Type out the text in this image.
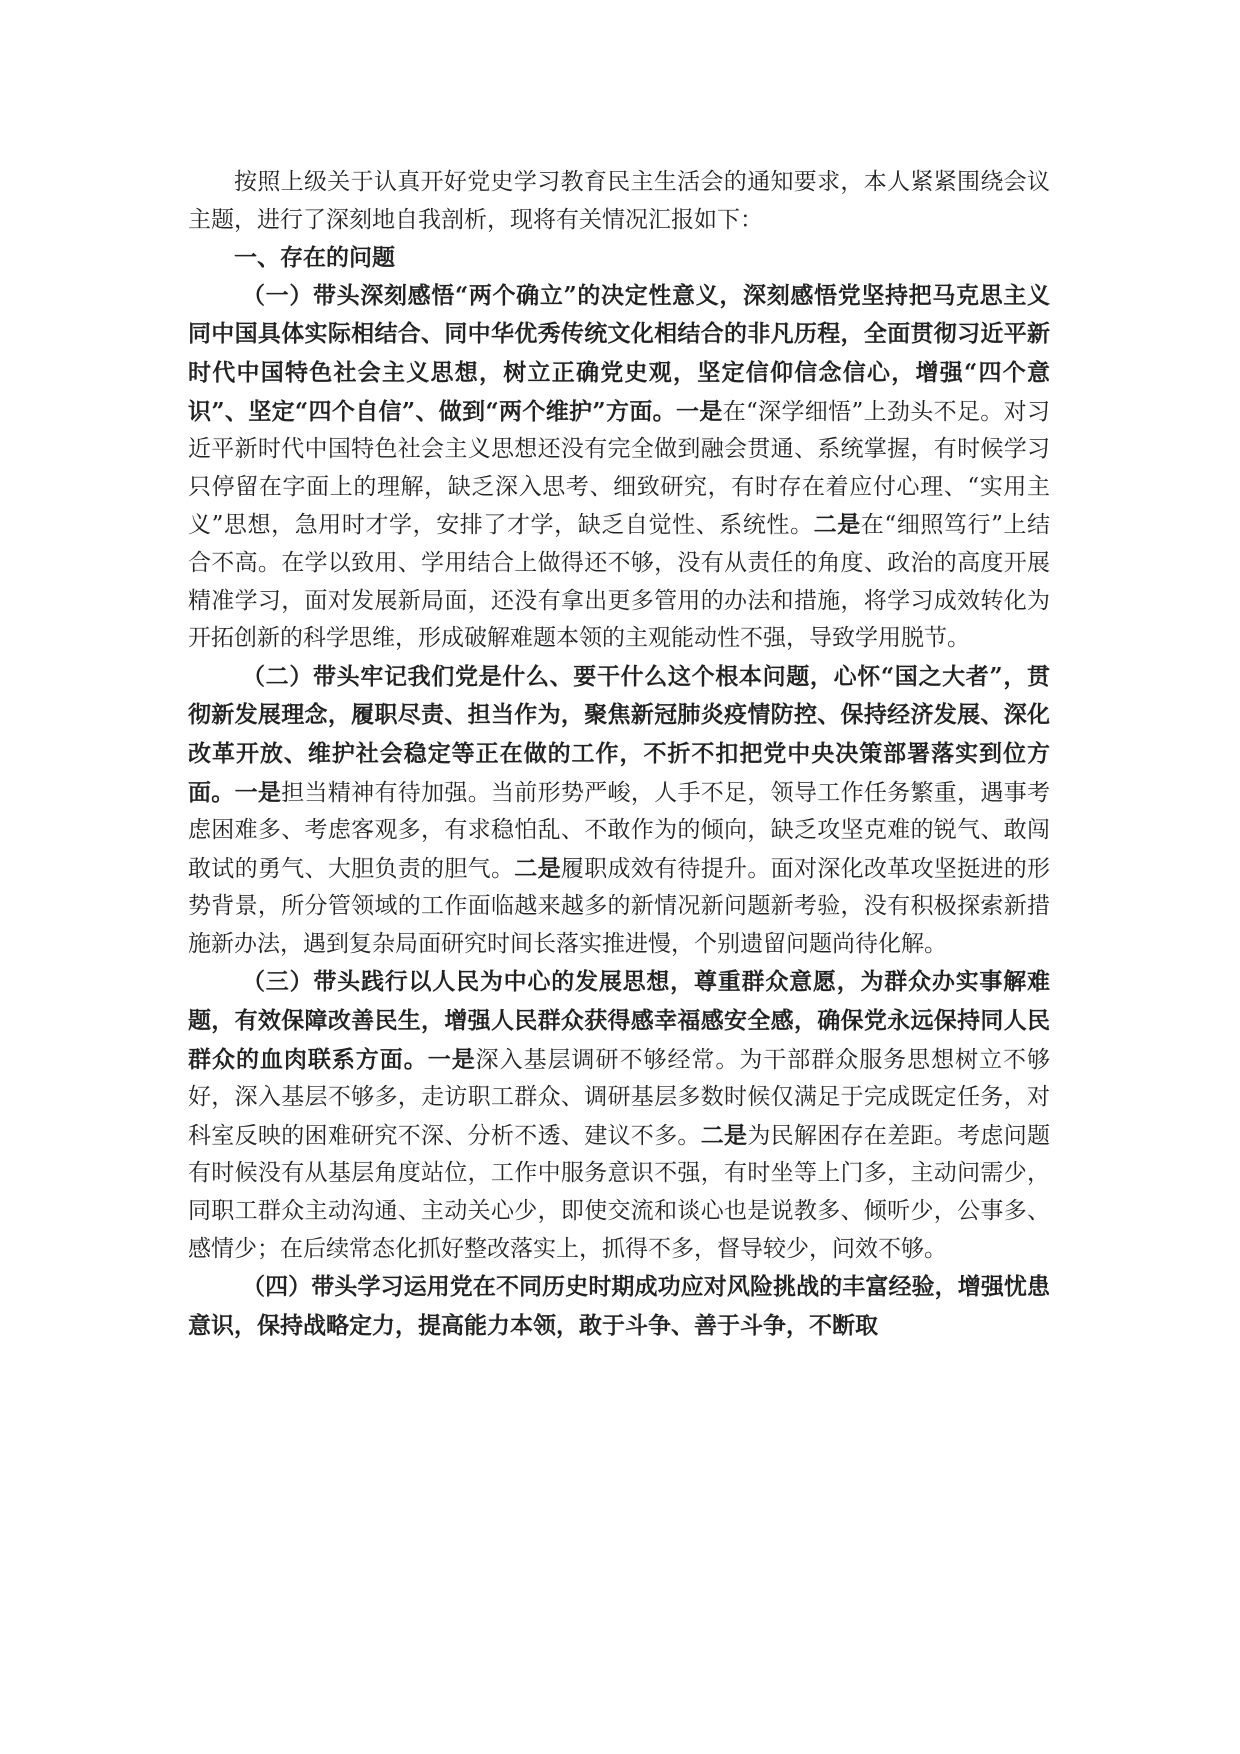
按照上级关于认真开好党史学习教育民主生活会的通知要求，本人紧紧围绕会议主题，进行了深刻地自我剖析，现将有关情况汇报如下：

一、存在的问题

（一）带头深刻感悟“两个确立”的决定性意义，深刻感悟党坚持把马克思主义同中国具体实际相结合、同中华优秀传统文化相结合的非凡历程，全面贯彻习近平新时代中国特色社会主义思想，树立正确党史观，坚定信仰信念信心，增强“四个意识”、坚定“四个自信”、做到“两个维护”方面。一是在“深学细悟”上劲头不足。对习近平新时代中国特色社会主义思想还没有完全做到融会贯通、系统掌握，有时候学习只停留在字面上的理解，缺乏深入思考、细致研究，有时存在着应付心理、“实用主义”思想，急用时才学，安排了才学，缺乏自觉性、系统性。二是在“细照笃行”上结合不高。在学以致用、学用结合上做得还不够，没有从责任的角度、政治的高度开展精准学习，面对发展新局面，还没有拿出更多管用的办法和措施，将学习成效转化为开拓创新的科学思维，形成破解难题本领的主观能动性不强，导致学用脱节。

（二）带头牢记我们党是什么、要干什么这个根本问题，心怀“国之大者”，贯彻新发展理念，履职尽责、担当作为，聚焦新冠肺炎疫情防控、保持经济发展、深化改革开放、维护社会稳定等正在做的工作，不折不扣把党中央决策部署落实到位方面。一是担当精神有待加强。当前形势严峻，人手不足，领导工作任务繁重，遇事考虑困难多、考虑客观多，有求稳怕乱、不敢作为的倾向，缺乏攻坚克难的锐气、敢闯敢试的勇气、大胆负责的胆气。二是履职成效有待提升。面对深化改革攻坚挺进的形势背景，所分管领域的工作面临越来越多的新情况新问题新考验，没有积极探索新措施新办法，遇到复杂局面研究时间长落实推进慢，个别遗留问题尚待化解。

（三）带头践行以人民为中心的发展思想，尊重群众意愿，为群众办实事解难题，有效保障改善民生，增强人民群众获得感幸福感安全感，确保党永远保持同人民群众的血肉联系方面。一是深入基层调研不够经常。为干部群众服务思想树立不够好，深入基层不够多，走访职工群众、调研基层多数时候仅满足于完成既定任务，对科室反映的困难研究不深、分析不透、建议不多。二是为民解困存在差距。考虑问题有时候没有从基层角度站位，工作中服务意识不强，有时坐等上门多，主动问需少，同职工群众主动沟通、主动关心少，即使交流和谈心也是说教多、倾听少，公事多、感情少；在后续常态化抓好整改落实上，抓得不多，督导较少，问效不够。

（四）带头学习运用党在不同历史时期成功应对风险挑战的丰富经验，增强忧患意识，保持战略定力，提高能力本领，敢于斗争、善于斗争，不断取
